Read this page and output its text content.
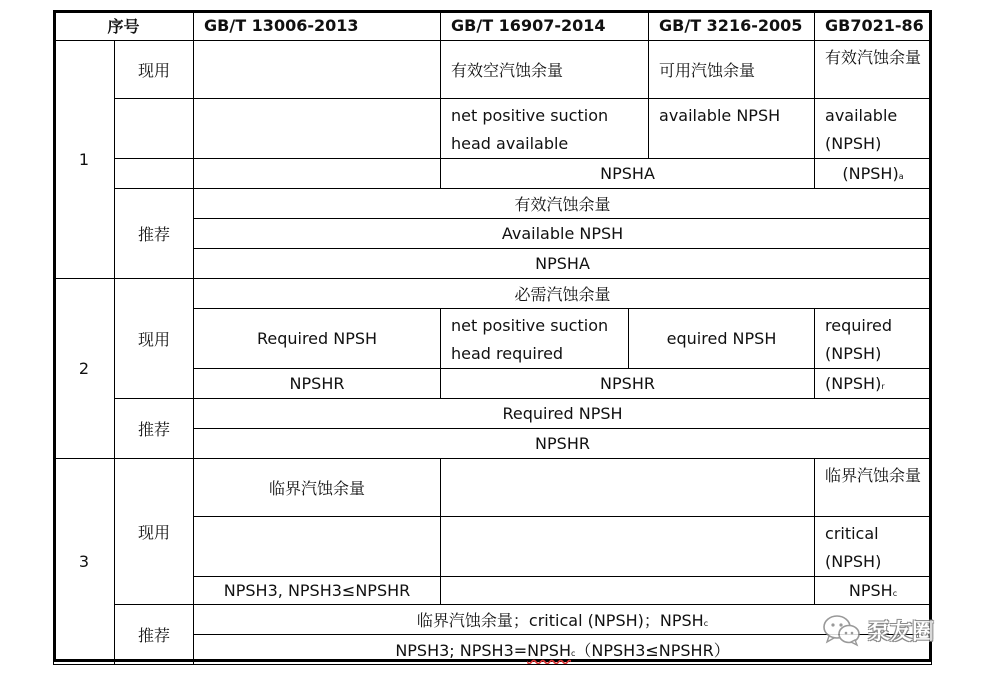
序号		GB/T 13006-2013	GB/T 16907-2014		GB/T 3216-2005	GB7021-86
1	现用		有效空汽蚀余量		可用汽蚀余量	有效汽蚀余量
			net positive suction head available		available NPSH	available (NPSH)
			NPSHA			(NPSH)a
	推荐	有效汽蚀余量				
		Available NPSH				
		NPSHA				
2	现用	必需汽蚀余量				
		Required NPSH	net positive suction head required	equired NPSH		required (NPSH)
		NPSHR	NPSHR			(NPSH)r
	推荐	Required NPSH				
		NPSHR				
3	现用	临界汽蚀余量				临界汽蚀余量
						critical (NPSH)
		NPSH3, NPSH3≤NPSHR				NPSHc
	推荐	临界汽蚀余量；critical (NPSH)；NPSHc				
		NPSH3; NPSH3=NPSHc（NPSH3≤NPSHR）				
泵友圈
